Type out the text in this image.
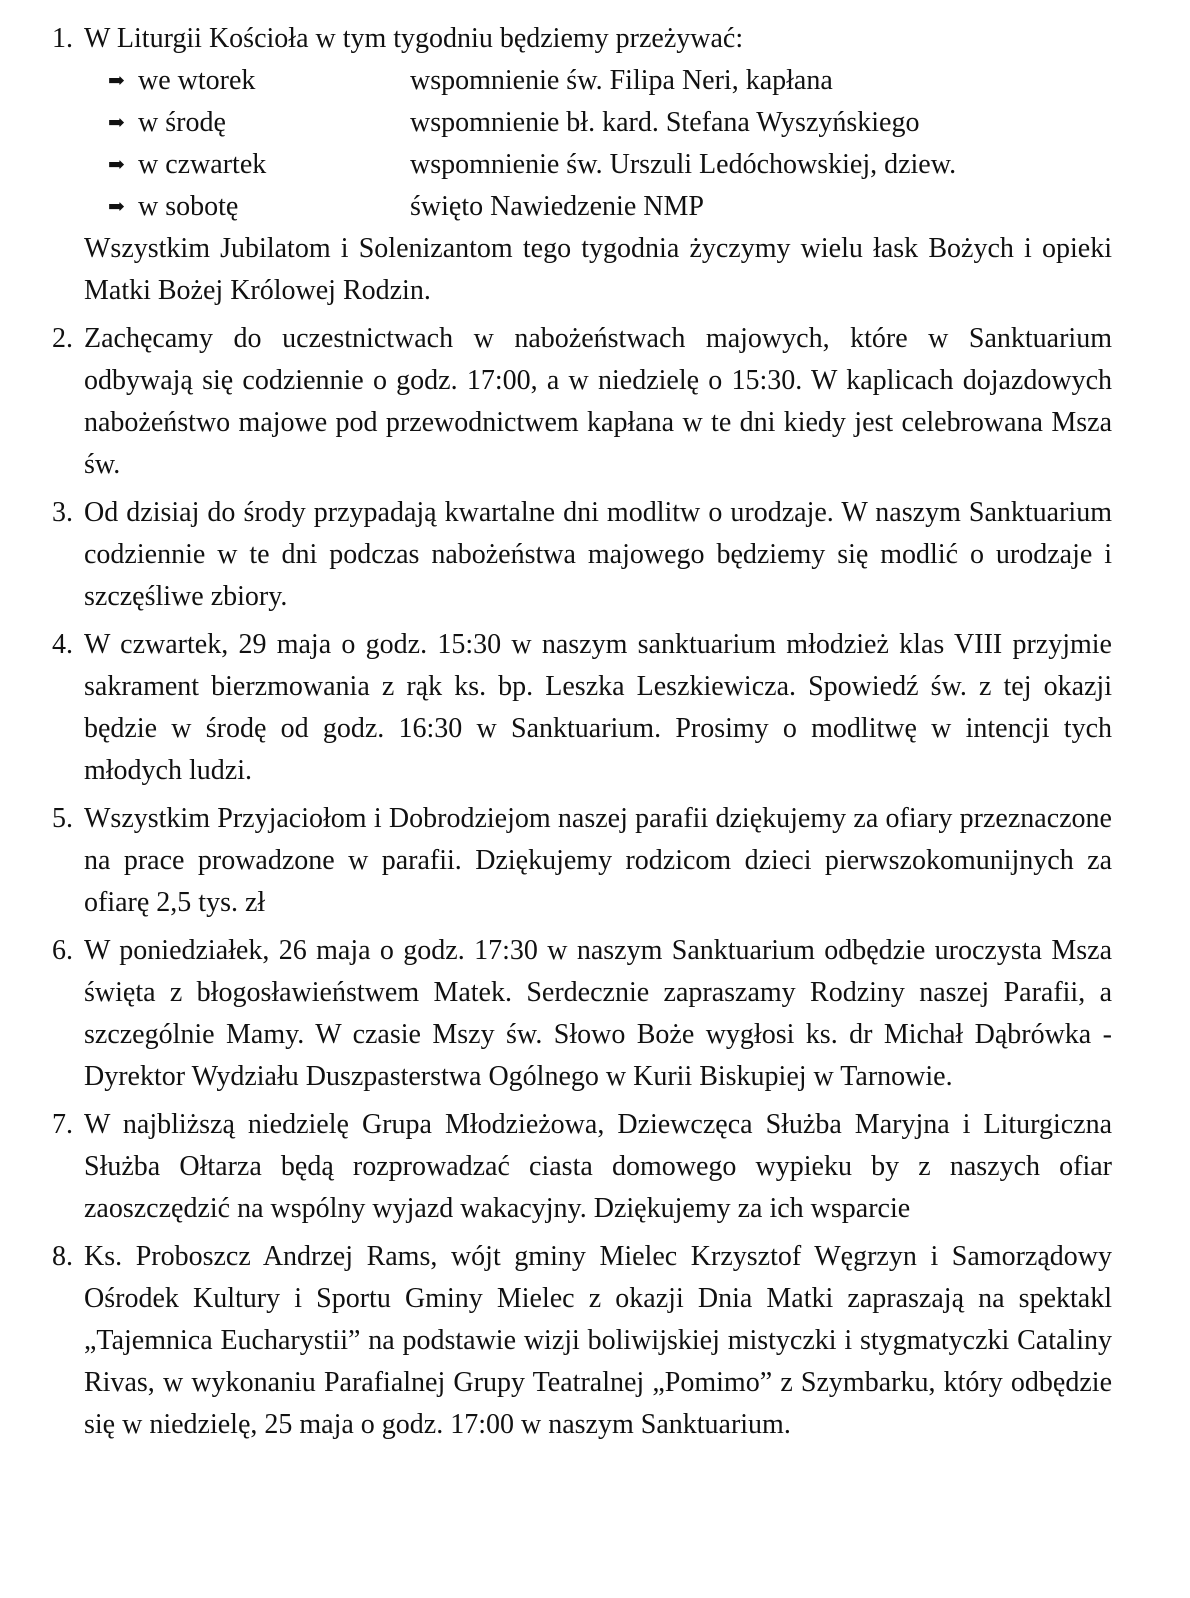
1. W Liturgii Kościoła w tym tygodniu będziemy przeżywać:
➡ we wtorek	wspomnienie św. Filipa Neri, kapłana
➡ w środę	wspomnienie bł. kard. Stefana Wyszyńskiego
➡ w czwartek	wspomnienie św. Urszuli Ledóchowskiej, dziew.
➡ w sobotę	święto Nawiedzenie NMP
Wszystkim Jubilatom i Solenizantom tego tygodnia życzymy wielu łask Bożych i opieki Matki Bożej Królowej Rodzin.
2. Zachęcamy do uczestnictwach w nabożeństwach majowych, które w Sanktuarium odbywają się codziennie o godz. 17:00, a w niedzielę o 15:30. W kaplicach dojazdowych nabożeństwo majowe pod przewodnictwem kapłana w te dni kiedy jest celebrowana Msza św.
3. Od dzisiaj do środy przypadają kwartalne dni modlitw o urodzaje. W naszym Sanktuarium codziennie w te dni podczas nabożeństwa majowego będziemy się modlić o urodzaje i szczęśliwe zbiory.
4. W czwartek, 29 maja o godz. 15:30 w naszym sanktuarium młodzież klas VIII przyjmie sakrament bierzmowania z rąk ks. bp. Leszka Leszkiewicza. Spowiedź św. z tej okazji będzie w środę od godz. 16:30 w Sanktuarium. Prosimy o modlitwę w intencji tych młodych ludzi.
5. Wszystkim Przyjaciołom i Dobrodziejom naszej parafii dziękujemy za ofiary przeznaczone na prace prowadzone w parafii. Dziękujemy rodzicom dzieci pierwszokomunijnych za ofiarę 2,5 tys. zł
6. W poniedziałek, 26 maja o godz. 17:30 w naszym Sanktuarium odbędzie uroczysta Msza święta z błogosławieństwem Matek. Serdecznie zapraszamy Rodziny naszej Parafii, a szczególnie Mamy. W czasie Mszy św. Słowo Boże wygłosi ks. dr Michał Dąbrówka - Dyrektor Wydziału Duszpasterstwa Ogólnego w Kurii Biskupiej w Tarnowie.
7. W najbliższą niedzielę Grupa Młodzieżowa, Dziewczęca Służba Maryjna i Liturgiczna Służba Ołtarza będą rozprowadzać ciasta domowego wypieku by z naszych ofiar zaoszczędzić na wspólny wyjazd wakacyjny. Dziękujemy za ich wsparcie
8. Ks. Proboszcz Andrzej Rams, wójt gminy Mielec Krzysztof Węgrzyn i Samorządowy Ośrodek Kultury i Sportu Gminy Mielec z okazji Dnia Matki zapraszają na spektakl „Tajemnica Eucharystii” na podstawie wizji boliwijskiej mistyczki i stygmatyczki Cataliny Rivas, w wykonaniu Parafialnej Grupy Teatralnej „Pomimo” z Szymbarku, który odbędzie się w niedzielę, 25 maja o godz. 17:00 w naszym Sanktuarium.
